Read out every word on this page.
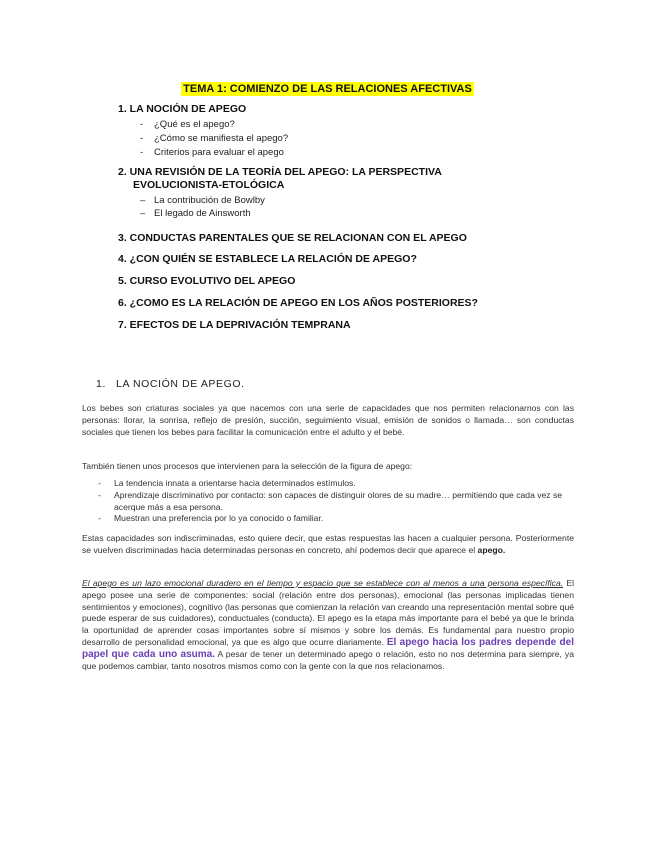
TEMA 1: COMIENZO DE LAS RELACIONES AFECTIVAS
1. LA NOCIÓN DE APEGO
- ¿Qué es el apego?
- ¿Cómo se manifiesta el apego?
- Criterios para evaluar el apego
2. UNA REVISIÓN DE LA TEORÍA DEL APEGO: LA PERSPECTIVA
EVOLUCIONISTA-ETOLÓGICA
– La contribución de Bowlby
– El legado de Ainsworth
3. CONDUCTAS PARENTALES QUE SE RELACIONAN CON EL APEGO
4. ¿CON QUIÉN SE ESTABLECE LA RELACIÓN DE APEGO?
5. CURSO EVOLUTIVO DEL APEGO
6. ¿COMO ES LA RELACIÓN DE APEGO EN LOS AÑOS POSTERIORES?
7. EFECTOS DE LA DEPRIVACIÓN TEMPRANA
1. LA NOCIÓN DE APEGO.
Los bebes son criaturas sociales ya que nacemos con una serie de capacidades que nos permiten relacionarnos con las personas: llorar, la sonrisa, reflejo de presión, succión, seguimiento visual, emisión de sonidos o llamada… son conductas sociales que tienen los bebes para facilitar la comunicación entre el adulto y el bebé.
También tienen unos procesos que intervienen para la selección de la figura de apego:
- La tendencia innata a orientarse hacia determinados estímulos.
- Aprendizaje discriminativo por contacto: son capaces de distinguir olores de su madre… permitiendo que cada vez se acerque más a esa persona.
- Muestran una preferencia por lo ya conocido o familiar.
Estas capacidades son indiscriminadas, esto quiere decir, que estas respuestas las hacen a cualquier persona. Posteriormente se vuelven discriminadas hacia determinadas personas en concreto, ahí podemos decir que aparece el apego.
El apego es un lazo emocional duradero en el tiempo y espacio que se establece con al menos a una persona específica. El apego posee una serie de componentes: social (relación entre dos personas), emocional (las personas implicadas tienen sentimientos y emociones), cognitivo (las personas que comienzan la relación van creando una representación mental sobre qué puede esperar de sus cuidadores), conductuales (conducta). El apego es la etapa más importante para el bebé ya que le brinda la oportunidad de aprender cosas importantes sobre sí mismos y sobre los demás. Es fundamental para nuestro propio desarrollo de personalidad emocional, ya que es algo que ocurre diariamente. El apego hacia los padres depende del papel que cada uno asuma. A pesar de tener un determinado apego o relación, esto no nos determina para siempre, ya que podemos cambiar, tanto nosotros mismos como con la gente con la que nos relacionamos.
